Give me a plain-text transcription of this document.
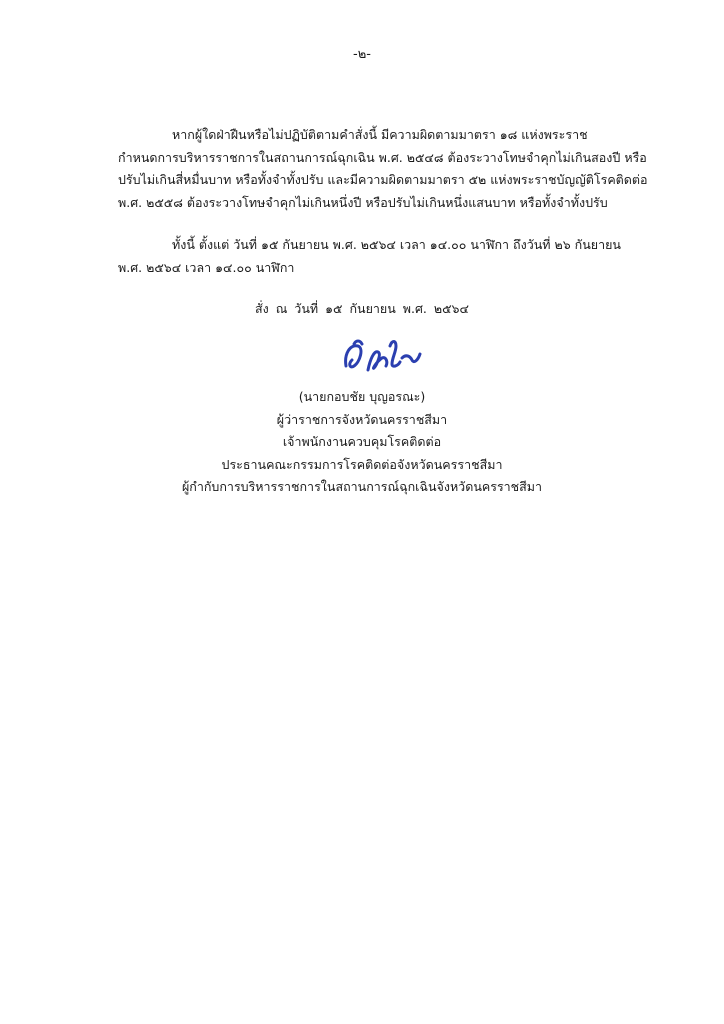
-๒-

หากผู้ใดฝ่าฝืนหรือไม่ปฏิบัติตามคำสั่งนี้ มีความผิดตามมาตรา ๑๘ แห่งพระราช
กำหนดการบริหารราชการในสถานการณ์ฉุกเฉิน พ.ศ. ๒๕๔๘ ต้องระวางโทษจำคุกไม่เกินสองปี หรือ
ปรับไม่เกินสี่หมื่นบาท หรือทั้งจำทั้งปรับ และมีความผิดตามมาตรา ๕๒ แห่งพระราชบัญญัติโรคติดต่อ
พ.ศ. ๒๕๕๘ ต้องระวางโทษจำคุกไม่เกินหนึ่งปี หรือปรับไม่เกินหนึ่งแสนบาท หรือทั้งจำทั้งปรับ

ทั้งนี้ ตั้งแต่ วันที่ ๑๕ กันยายน พ.ศ. ๒๕๖๔ เวลา ๑๔.๐๐ นาฬิกา ถึงวันที่ ๒๖ กันยายน
พ.ศ. ๒๕๖๔ เวลา ๑๔.๐๐ นาฬิกา

สั่ง ณ วันที่ ๑๕ กันยายน พ.ศ. ๒๕๖๔
(นายกอบชัย บุญอรณะ)
ผู้ว่าราชการจังหวัดนครราชสีมา
เจ้าพนักงานควบคุมโรคติดต่อ
ประธานคณะกรรมการโรคติดต่อจังหวัดนครราชสีมา
ผู้กำกับการบริหารราชการในสถานการณ์ฉุกเฉินจังหวัดนครราชสีมา
